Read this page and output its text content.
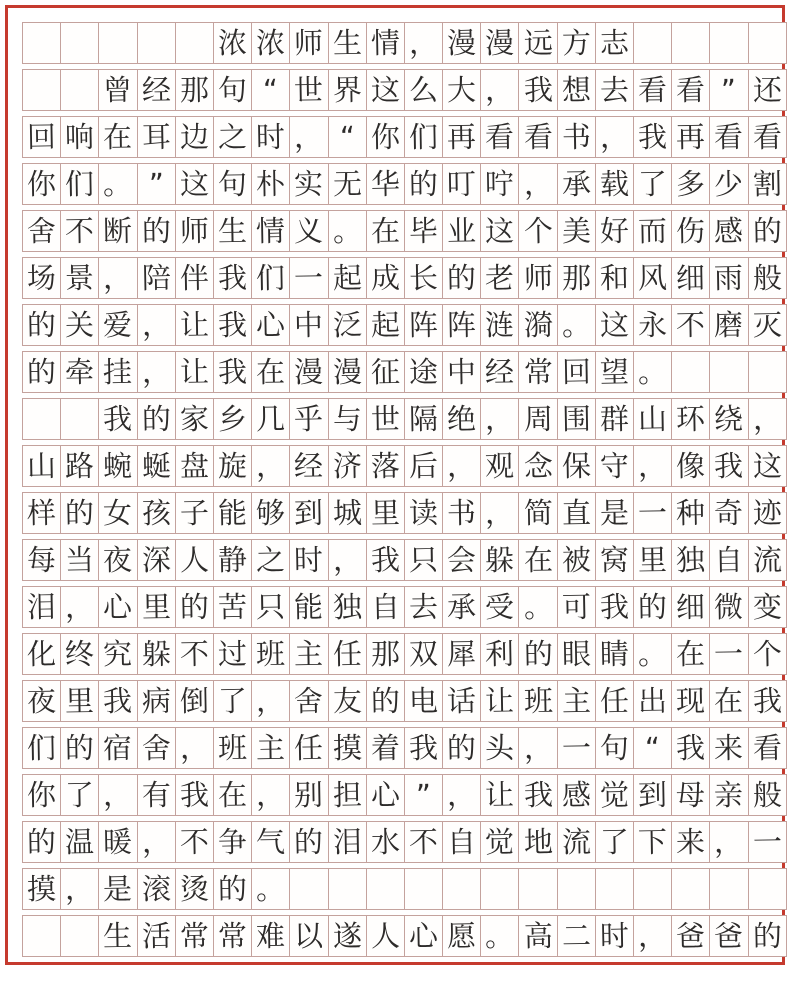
浓 浓 师 生 情 ， 漫 漫 远 方 志
曾 经 那 句 “ 世 界 这 么 大 ， 我 想 去 看 看 ” 还
回 响 在 耳 边 之 时 ， “ 你 们 再 看 看 书 ， 我 再 看 看
你 们 。 ” 这 句 朴 实 无 华 的 叮 咛 ， 承 载 了 多 少 割
舍 不 断 的 师 生 情 义 。 在 毕 业 这 个 美 好 而 伤 感 的
场 景 ， 陪 伴 我 们 一 起 成 长 的 老 师 那 和 风 细 雨 般
的 关 爱 ， 让 我 心 中 泛 起 阵 阵 涟 漪 。 这 永 不 磨 灭
的 牵 挂 ， 让 我 在 漫 漫 征 途 中 经 常 回 望 。
我 的 家 乡 几 乎 与 世 隔 绝 ， 周 围 群 山 环 绕 ，
山 路 蜿 蜒 盘 旋 ， 经 济 落 后 ， 观 念 保 守 ， 像 我 这
样 的 女 孩 子 能 够 到 城 里 读 书 ， 简 直 是 一 种 奇 迹
每 当 夜 深 人 静 之 时 ， 我 只 会 躲 在 被 窝 里 独 自 流
泪 ， 心 里 的 苦 只 能 独 自 去 承 受 。 可 我 的 细 微 变
化 终 究 躲 不 过 班 主 任 那 双 犀 利 的 眼 睛 。 在 一 个
夜 里 我 病 倒 了 ， 舍 友 的 电 话 让 班 主 任 出 现 在 我
们 的 宿 舍 ， 班 主 任 摸 着 我 的 头 ， 一 句 “ 我 来 看
你 了 ， 有 我 在 ， 别 担 心 ” ， 让 我 感 觉 到 母 亲 般
的 温 暖 ， 不 争 气 的 泪 水 不 自 觉 地 流 了 下 来 ， 一
摸 ， 是 滚 烫 的 。
生 活 常 常 难 以 遂 人 心 愿 。 高 二 时 ， 爸 爸 的
